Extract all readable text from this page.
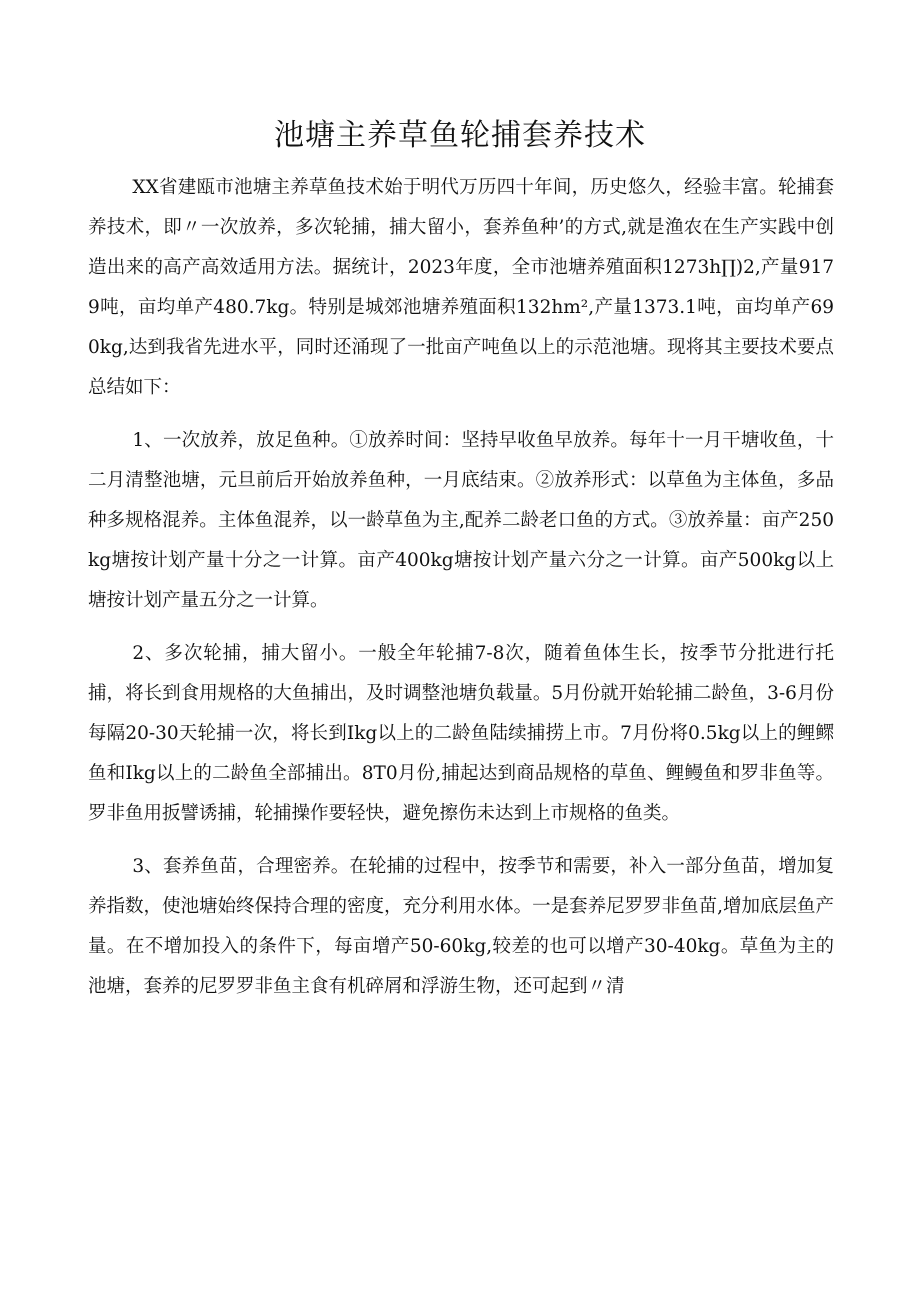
池塘主养草鱼轮捕套养技术

XX省建瓯市池塘主养草鱼技术始于明代万历四十年间，历史悠久，经验丰富。轮捕套养技术，即〃一次放养，多次轮捕，捕大留小，套养鱼种’的方式,就是渔农在生产实践中创造出来的高产高效适用方法。据统计，2023年度，全市池塘养殖面积1273h∏)2,产量9179吨，亩均单产480.7kg。特别是城郊池塘养殖面积132hm²,产量1373.1吨，亩均单产690kg,达到我省先进水平，同时还涌现了一批亩产吨鱼以上的示范池塘。现将其主要技术要点总结如下：

1、一次放养，放足鱼种。①放养时间：坚持早收鱼早放养。每年十一月干塘收鱼，十二月清整池塘，元旦前后开始放养鱼种，一月底结束。②放养形式：以草鱼为主体鱼，多品种多规格混养。主体鱼混养，以一龄草鱼为主,配养二龄老口鱼的方式。③放养量：亩产250kg塘按计划产量十分之一计算。亩产400kg塘按计划产量六分之一计算。亩产500kg以上塘按计划产量五分之一计算。

2、多次轮捕，捕大留小。一般全年轮捕7-8次，随着鱼体生长，按季节分批进行托捕，将长到食用规格的大鱼捕出，及时调整池塘负载量。5月份就开始轮捕二龄鱼，3-6月份每隔20-30天轮捕一次，将长到Ikg以上的二龄鱼陆续捕捞上市。7月份将0.5kg以上的鲤鳏鱼和Ikg以上的二龄鱼全部捕出。8T0月份,捕起达到商品规格的草鱼、鲤鳗鱼和罗非鱼等。罗非鱼用扳譬诱捕，轮捕操作要轻快，避免擦伤未达到上市规格的鱼类。

3、套养鱼苗，合理密养。在轮捕的过程中，按季节和需要，补入一部分鱼苗，增加复养指数，使池塘始终保持合理的密度，充分利用水体。一是套养尼罗罗非鱼苗,增加底层鱼产量。在不增加投入的条件下，每亩增产50-60kg,较差的也可以增产30-40kg。草鱼为主的池塘，套养的尼罗罗非鱼主食有机碎屑和浮游生物，还可起到〃清
